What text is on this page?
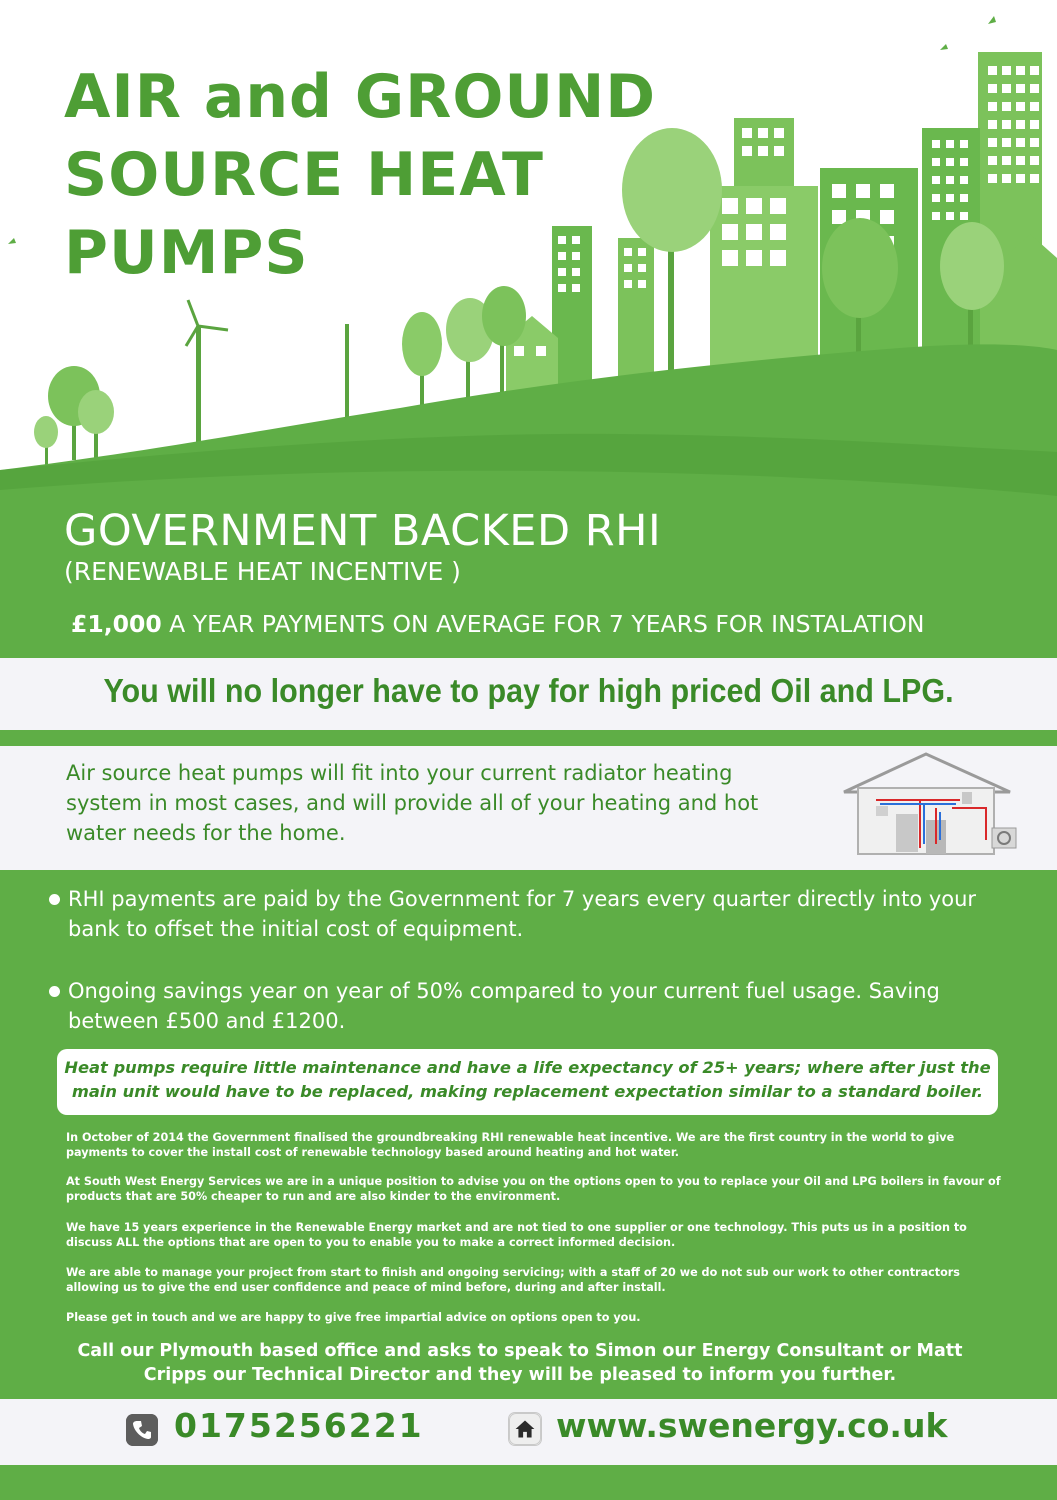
AIR and GROUND
SOURCE HEAT
PUMPS
GOVERNMENT BACKED RHI
(RENEWABLE HEAT INCENTIVE )
£1,000 A YEAR PAYMENTS ON AVERAGE FOR 7 YEARS FOR INSTALATION
You will no longer have to pay for high priced Oil and LPG.
Air source heat pumps will fit into your current radiator heating system in most cases, and will provide all of your heating and hot water needs for the home.
RHI payments are paid by the Government for 7 years every quarter directly into your bank to offset the initial cost of equipment.
Ongoing savings year on year of 50% compared to your current fuel usage. Saving between £500 and £1200.
Heat pumps require little maintenance and have a life expectancy of 25+ years; where after just the main unit would have to be replaced, making replacement expectation similar to a standard boiler.
In October of 2014 the Government finalised the groundbreaking RHI renewable heat incentive. We are the first country in the world to give payments to cover the install cost of renewable technology based around heating and hot water.
At South West Energy Services we are in a unique position to advise you on the options open to you to replace your Oil and LPG boilers in favour of products that are 50% cheaper to run and are also kinder to the environment.
We have 15 years experience in the Renewable Energy market and are not tied to one supplier or one technology. This puts us in a position to discuss ALL the options that are open to you to enable you to make a correct informed decision.
We are able to manage your project from start to finish and ongoing servicing; with a staff of 20 we do not sub our work to other contractors allowing us to give the end user confidence and peace of mind before, during and after install.
Please get in touch and we are happy to give free impartial advice on options open to you.
Call our Plymouth based office and asks to speak to Simon our Energy Consultant or Matt Cripps our Technical Director and they will be pleased to inform you further.
0175256221	www.swenergy.co.uk
